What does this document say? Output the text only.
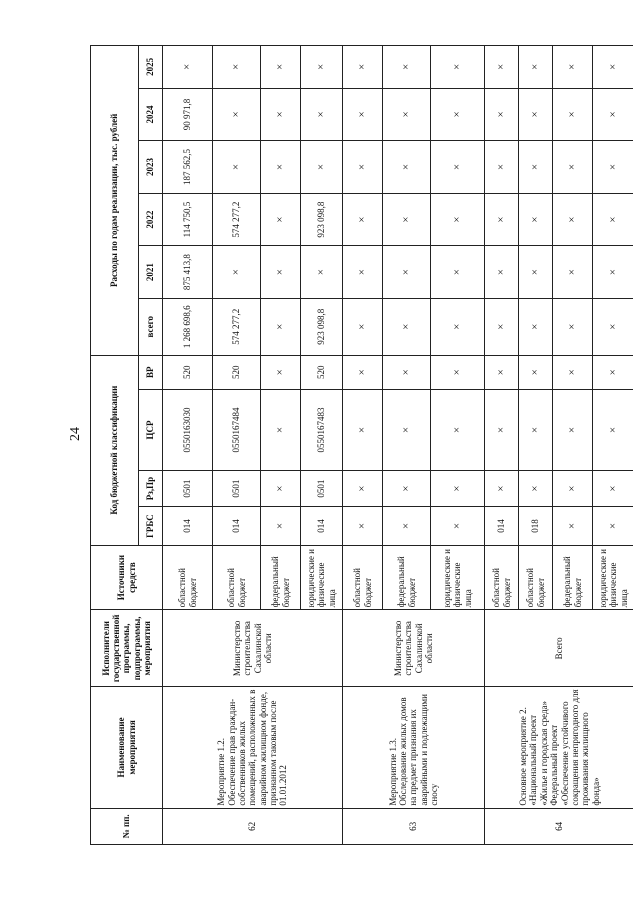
24
№ пп.	Наименование мероприятия	Исполнители государственной программы, подпрограммы, мероприятия	Источники средств	Код бюджетной классификации				Расходы по годам реализации, тыс. рублей					
				ГРБС	Рз,Пр	ЦСР	ВР	всего	2021	2022	2023	2024	2025
62	Мероприятие 1.2. Обеспечение прав граждан-собственников жилых помещений, расположенных в аварийном жилищном фонде, признанном таковым после 01.01.2012	Министерство строительства Сахалинской области	областной бюджет	014	0501	0550163030	520	1 268 698,6	875 413,8	114 750,5	187 562,5	90 971,8	×
			областной бюджет	014	0501	0550167484	520	574 277,2	×	574 277,2	×	×	×
			федеральный бюджет	×	×	×	×	×	×	×	×	×	×
			юридические и физические лица	014	0501	0550167483	520	923 098,8	×	923 098,8	×	×	×
63	Мероприятие 1.3. Обследование жилых домов на предмет признания их аварийными и подлежащими сносу	Министерство строительства Сахалинской области	областной бюджет	×	×	×	×	×	×	×	×	×	×
			федеральный бюджет	×	×	×	×	×	×	×	×	×	×
			юридические и физические лица	×	×	×	×	×	×	×	×	×	×
64	Основное мероприятие 2. «Национальный проект «Жилье и городская среда» Федеральный проект «Обеспечение устойчивого сокращения непригодного для проживания жилищного фонда»	Всего	областной бюджет	014	×	×	×	×	×	×	×	×	×
			областной бюджет	018	×	×	×	×	×	×	×	×	×
			федеральный бюджет	×	×	×	×	×	×	×	×	×	×
			юридические и физические лица	×	×	×	×	×	×	×	×	×	×
